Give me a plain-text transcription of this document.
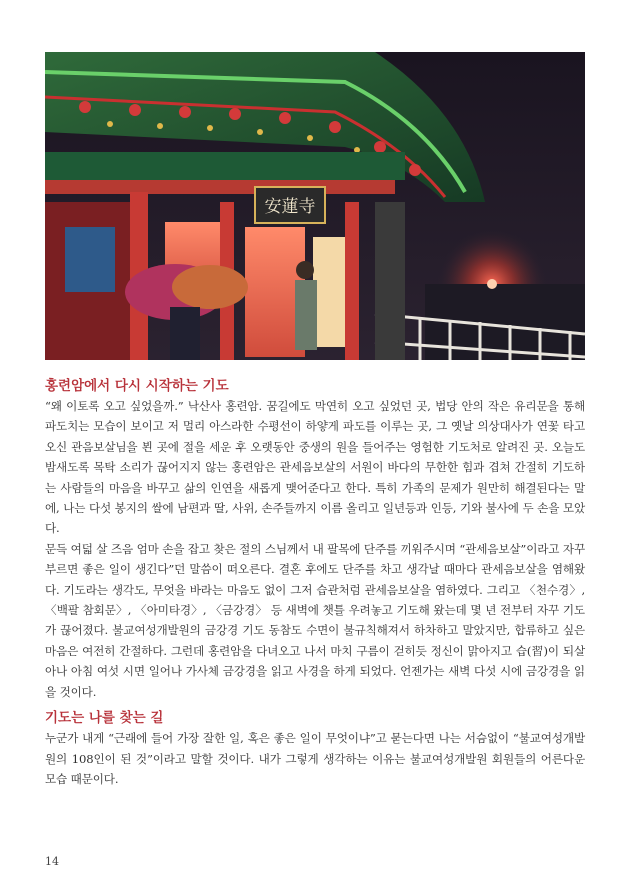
安蓮寺
홍련암에서 다시 시작하는 기도

“왜 이토록 오고 싶었을까.” 낙산사 홍련암. 꿈길에도 막연히 오고 싶었던 곳, 법당 안의 작은 유리문을 통해 파도치는 모습이 보이고 저 멀리 아스라한 수평선이 하얗게 파도를 이루는 곳, 그 옛날 의상대사가 연꽃 타고 오신 관음보살님을 뵌 곳에 절을 세운 후 오랫동안 중생의 원을 들어주는 영험한 기도처로 알려진 곳. 오늘도 밤새도록 목탁 소리가 끊어지지 않는 홍련암은 관세음보살의 서원이 바다의 무한한 힘과 겹쳐 간절히 기도하는 사람들의 마음을 바꾸고 삶의 인연을 새롭게 맺어준다고 한다. 특히 가족의 문제가 원만히 해결된다는 말에, 나는 다섯 봉지의 쌀에 남편과 딸, 사위, 손주들까지 이름 올리고 일년등과 인등, 기와 불사에 두 손을 모았다.

문득 여덟 살 즈음 엄마 손을 잡고 찾은 절의 스님께서 내 팔목에 단주를 끼워주시며 “관세음보살”이라고 자꾸 부르면 좋은 일이 생긴다”던 말씀이 떠오른다. 결혼 후에도 단주를 차고 생각날 때마다 관세음보살을 염해왔다. 기도라는 생각도, 무엇을 바라는 마음도 없이 그저 습관처럼 관세음보살을 염하였다. 그리고 〈천수경〉, 〈백팔 참회문〉, 〈아미타경〉, 〈금강경〉 등 새벽에 챗틀 우려놓고 기도해 왔는데 몇 년 전부터 자꾸 기도가 끊어졌다. 불교여성개발원의 금강경 기도 동참도 수면이 불규칙해져서 하차하고 말았지만, 합류하고 싶은 마음은 여전히 간절하다. 그런데 홍련암을 다녀오고 나서 마치 구름이 걷히듯 정신이 맑아지고 습(習)이 되살아나 아침 여섯 시면 일어나 가사체 금강경을 읽고 사경을 하게 되었다. 언젠가는 새벽 다섯 시에 금강경을 읽을 것이다.

기도는 나를 찾는 길

누군가 내게 “근래에 들어 가장 잘한 일, 혹은 좋은 일이 무엇이냐”고 묻는다면 나는 서슴없이 “불교여성개발원의 108인이 된 것”이라고 말할 것이다. 내가 그렇게 생각하는 이유는 불교여성개발원 회원들의 어른다운 모습 때문이다.

14
